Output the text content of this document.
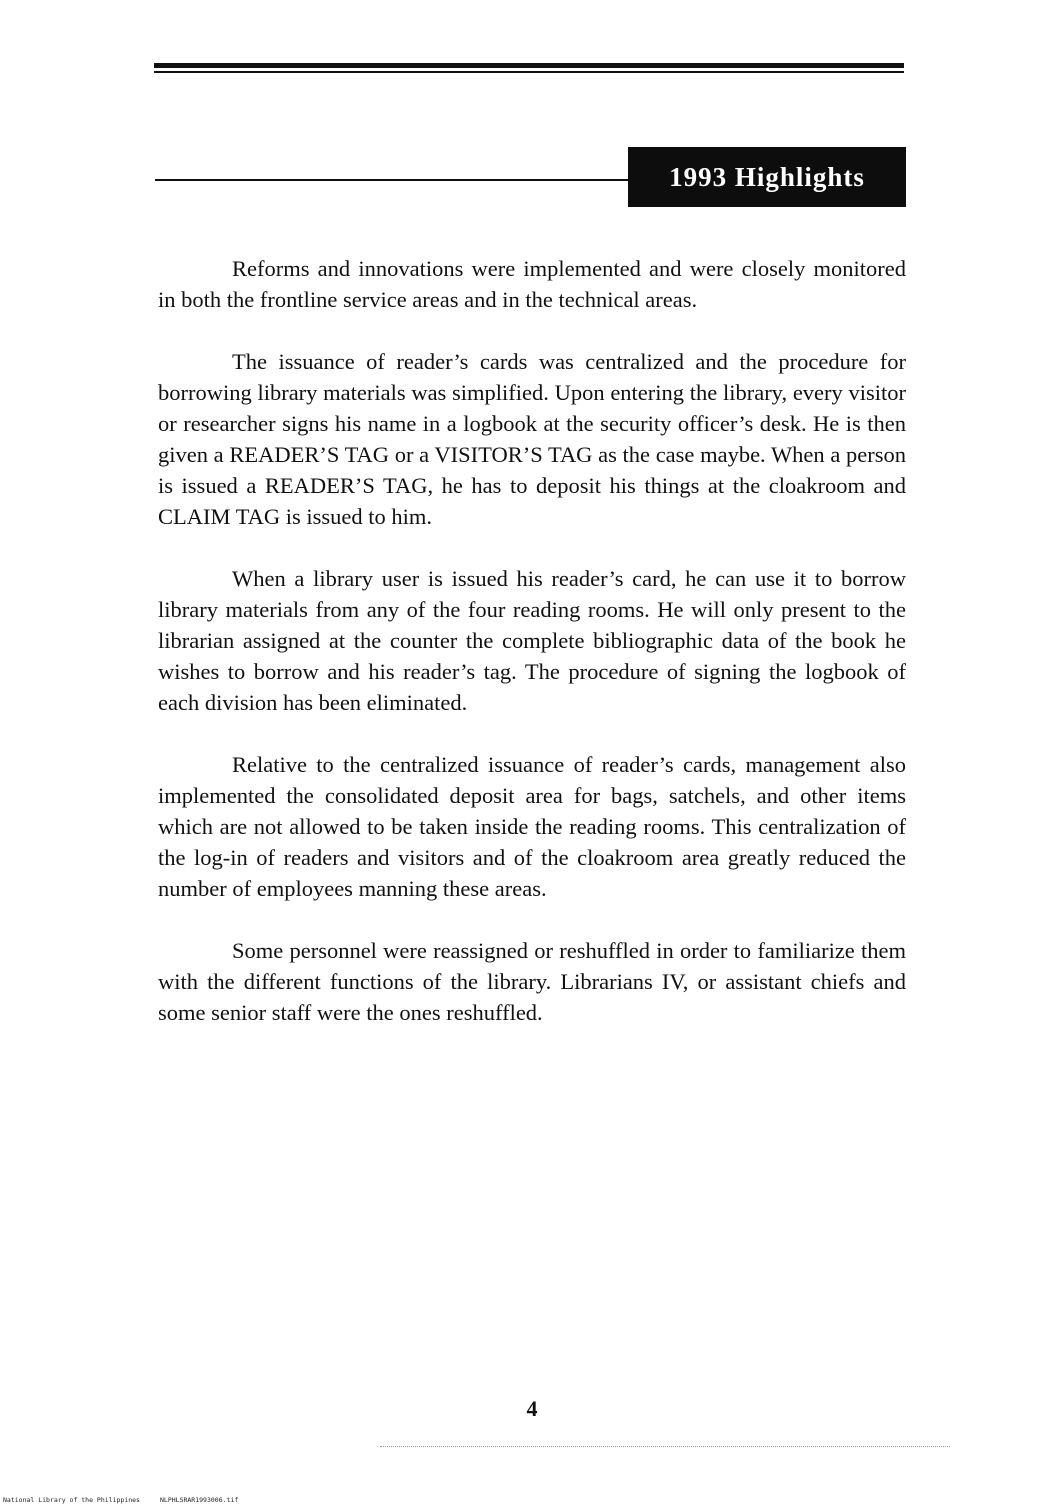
1993 Highlights

Reforms and innovations were implemented and were closely monitored in both the frontline service areas and in the technical areas.

The issuance of reader’s cards was centralized and the procedure for borrowing library materials was simplified. Upon entering the library, every visitor or researcher signs his name in a logbook at the security officer’s desk. He is then given a READER’S TAG or a VISITOR’S TAG as the case maybe. When a person is issued a READER’S TAG, he has to deposit his things at the cloakroom and CLAIM TAG is issued to him.

When a library user is issued his reader’s card, he can use it to borrow library materials from any of the four reading rooms. He will only present to the librarian assigned at the counter the complete bibliographic data of the book he wishes to borrow and his reader’s tag. The procedure of signing the logbook of each division has been eliminated.

Relative to the centralized issuance of reader’s cards, management also implemented the consolidated deposit area for bags, satchels, and other items which are not allowed to be taken inside the reading rooms. This centralization of the log-in of readers and visitors and of the cloakroom area greatly reduced the number of employees manning these areas.

Some personnel were reassigned or reshuffled in order to familiarize them with the different functions of the library. Librarians IV, or assistant chiefs and some senior staff were the ones reshuffled.

4
National Library of the Philippines	NLPHLSRAR1993006.tif
